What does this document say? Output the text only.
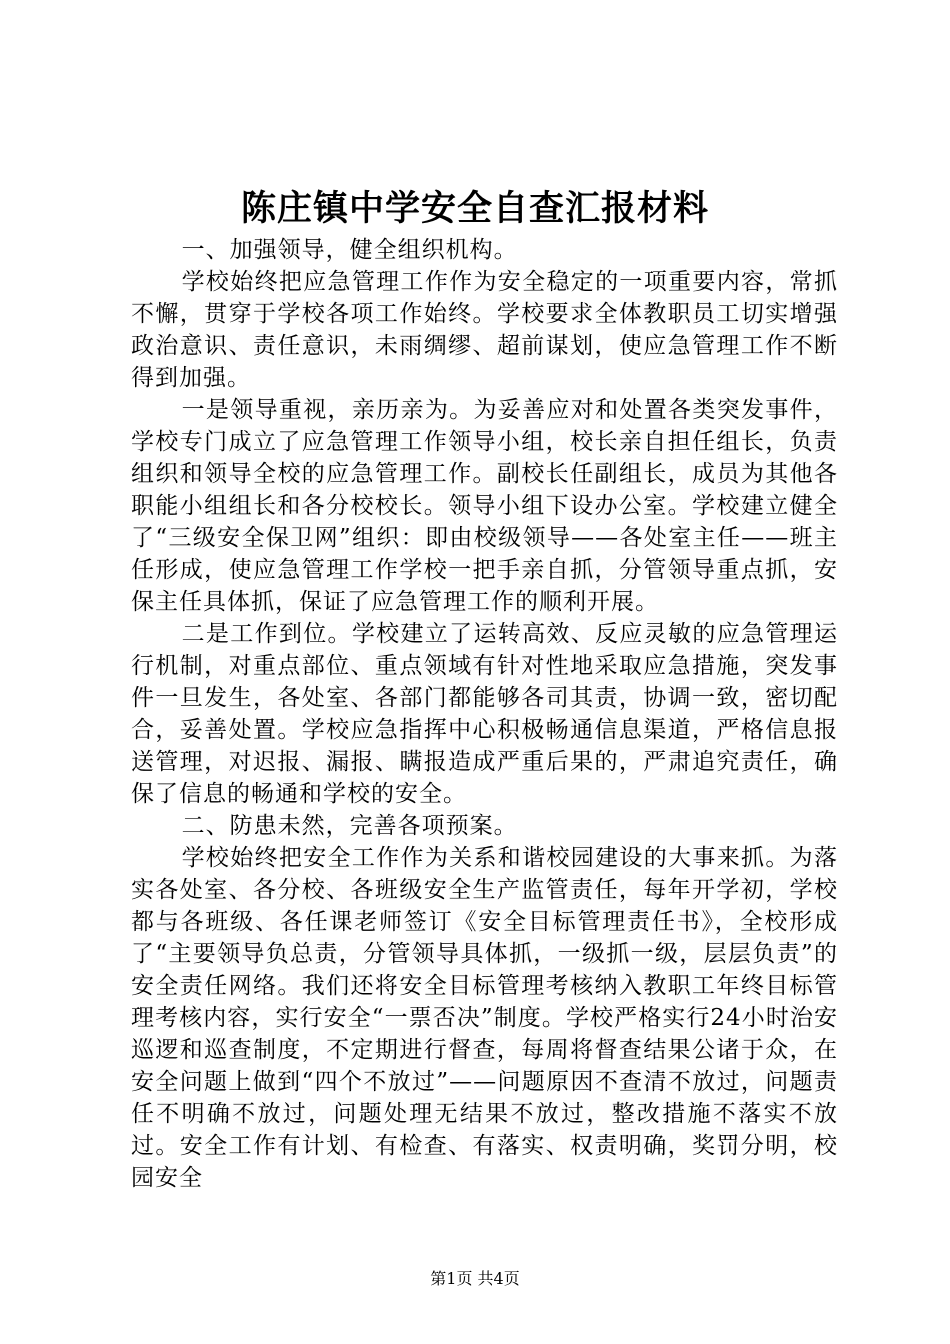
陈庄镇中学安全自查汇报材料

一、加强领导，健全组织机构。

学校始终把应急管理工作作为安全稳定的一项重要内容，常抓不懈，贯穿于学校各项工作始终。学校要求全体教职员工切实增强政治意识、责任意识，未雨绸缪、超前谋划，使应急管理工作不断得到加强。

一是领导重视，亲历亲为。为妥善应对和处置各类突发事件，学校专门成立了应急管理工作领导小组，校长亲自担任组长，负责组织和领导全校的应急管理工作。副校长任副组长，成员为其他各职能小组组长和各分校校长。领导小组下设办公室。学校建立健全了“三级安全保卫网”组织：即由校级领导——各处室主任——班主任形成，使应急管理工作学校一把手亲自抓，分管领导重点抓，安保主任具体抓，保证了应急管理工作的顺利开展。

二是工作到位。学校建立了运转高效、反应灵敏的应急管理运行机制，对重点部位、重点领域有针对性地采取应急措施，突发事件一旦发生，各处室、各部门都能够各司其责，协调一致，密切配合，妥善处置。学校应急指挥中心积极畅通信息渠道，严格信息报送管理，对迟报、漏报、瞒报造成严重后果的，严肃追究责任，确保了信息的畅通和学校的安全。

二、防患未然，完善各项预案。

学校始终把安全工作作为关系和谐校园建设的大事来抓。为落实各处室、各分校、各班级安全生产监管责任，每年开学初，学校都与各班级、各任课老师签订《安全目标管理责任书》，全校形成了“主要领导负总责，分管领导具体抓，一级抓一级，层层负责”的安全责任网络。我们还将安全目标管理考核纳入教职工年终目标管理考核内容，实行安全“一票否决”制度。学校严格实行24小时治安巡逻和巡查制度，不定期进行督查，每周将督查结果公诸于众，在安全问题上做到“四个不放过”——问题原因不查清不放过，问题责任不明确不放过，问题处理无结果不放过，整改措施不落实不放过。安全工作有计划、有检查、有落实、权责明确，奖罚分明，校园安全

第1页 共4页
